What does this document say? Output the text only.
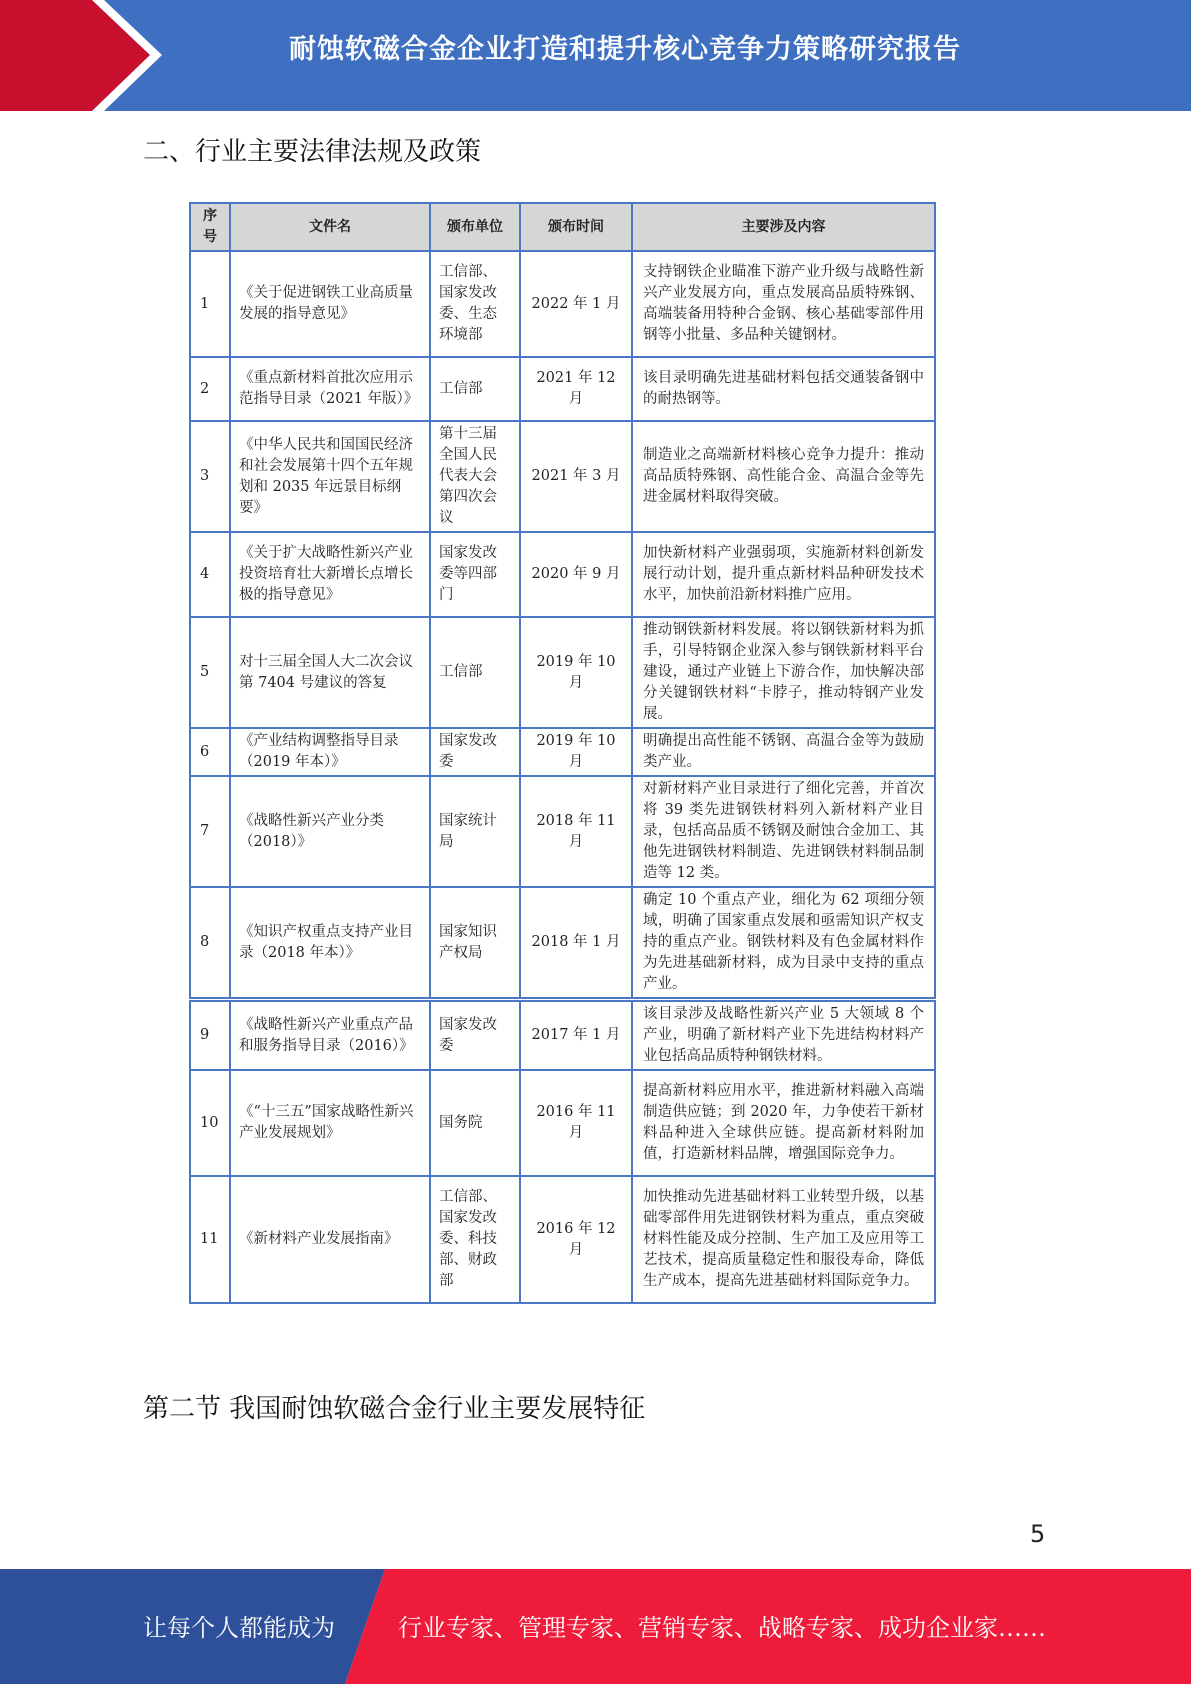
耐蚀软磁合金企业打造和提升核心竞争力策略研究报告
二、行业主要法律法规及政策
序号	文件名	颁布单位	颁布时间	主要涉及内容
1	《关于促进钢铁工业高质量发展的指导意见》	工信部、国家发改委、生态环境部	2022 年 1 月	支持钢铁企业瞄准下游产业升级与战略性新兴产业发展方向，重点发展高品质特殊钢、高端装备用特种合金钢、核心基础零部件用钢等小批量、多品种关键钢材。
2	《重点新材料首批次应用示范指导目录（2021 年版）》	工信部	2021 年 12 月	该目录明确先进基础材料包括交通装备钢中的耐热钢等。
3	《中华人民共和国国民经济和社会发展第十四个五年规划和 2035 年远景目标纲要》	第十三届全国人民代表大会第四次会议	2021 年 3 月	制造业之高端新材料核心竞争力提升：推动高品质特殊钢、高性能合金、高温合金等先进金属材料取得突破。
4	《关于扩大战略性新兴产业投资培育壮大新增长点增长极的指导意见》	国家发改委等四部门	2020 年 9 月	加快新材料产业强弱项，实施新材料创新发展行动计划，提升重点新材料品种研发技术水平，加快前沿新材料推广应用。
5	对十三届全国人大二次会议第 7404 号建议的答复	工信部	2019 年 10 月	推动钢铁新材料发展。将以钢铁新材料为抓手，引导特钢企业深入参与钢铁新材料平台建设，通过产业链上下游合作，加快解决部分关键钢铁材料“卡脖子，推动特钢产业发展。
6	《产业结构调整指导目录（2019 年本）》	国家发改委	2019 年 10 月	明确提出高性能不锈钢、高温合金等为鼓励类产业。
7	《战略性新兴产业分类（2018）》	国家统计局	2018 年 11 月	对新材料产业目录进行了细化完善，并首次将 39 类先进钢铁材料列入新材料产业目录，包括高品质不锈钢及耐蚀合金加工、其他先进钢铁材料制造、先进钢铁材料制品制造等 12 类。
8	《知识产权重点支持产业目录（2018 年本）》	国家知识产权局	2018 年 1 月	确定 10 个重点产业，细化为 62 项细分领域，明确了国家重点发展和亟需知识产权支持的重点产业。钢铁材料及有色金属材料作为先进基础新材料，成为目录中支持的重点产业。
9	《战略性新兴产业重点产品和服务指导目录（2016）》	国家发改委	2017 年 1 月	该目录涉及战略性新兴产业 5 大领域 8 个产业，明确了新材料产业下先进结构材料产业包括高品质特种钢铁材料。
10	《“十三五”国家战略性新兴产业发展规划》	国务院	2016 年 11 月	提高新材料应用水平，推进新材料融入高端制造供应链；到 2020 年，力争使若干新材料品种进入全球供应链。提高新材料附加值，打造新材料品牌，增强国际竞争力。
11	《新材料产业发展指南》	工信部、国家发改委、科技部、财政部	2016 年 12 月	加快推动先进基础材料工业转型升级，以基础零部件用先进钢铁材料为重点，重点突破材料性能及成分控制、生产加工及应用等工艺技术，提高质量稳定性和服役寿命，降低生产成本，提高先进基础材料国际竞争力。
第二节 我国耐蚀软磁合金行业主要发展特征
5
让每个人都能成为	行业专家、管理专家、营销专家、战略专家、成功企业家……
